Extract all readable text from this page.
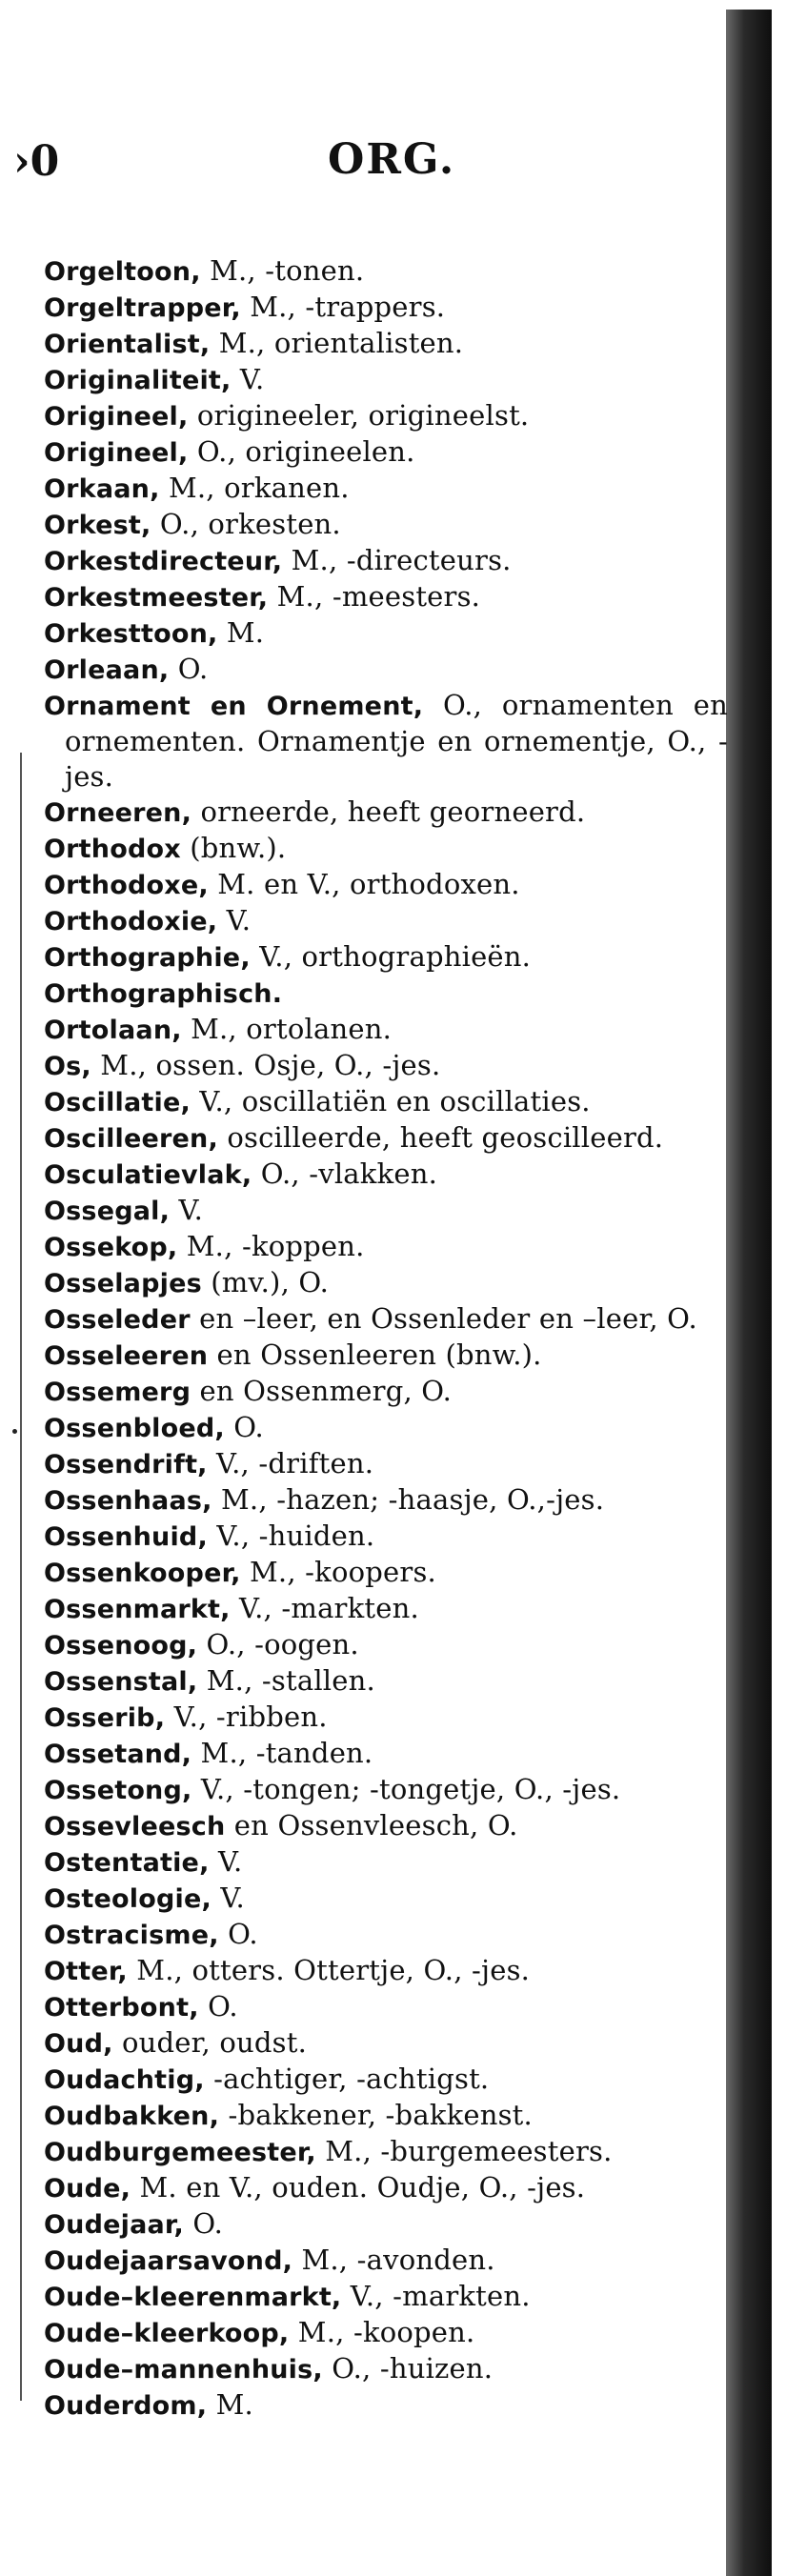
›0	ORG.
Orgeltoon, M., -tonen.
Orgeltrapper, M., -trappers.
Orientalist, M., orientalisten.
Originaliteit, V.
Origineel, origineeler, origineelst.
Origineel, O., origineelen.
Orkaan, M., orkanen.
Orkest, O., orkesten.
Orkestdirecteur, M., -directeurs.
Orkestmeester, M., -meesters.
Orkesttoon, M.
Orleaan, O.
Ornament en Ornement, O., ornamenten en ornementen. Ornamentje en ornementje, O., -jes.
Orneeren, orneerde, heeft georneerd.
Orthodox (bnw.).
Orthodoxe, M. en V., orthodoxen.
Orthodoxie, V.
Orthographie, V., orthographieën.
Orthographisch.
Ortolaan, M., ortolanen.
Os, M., ossen. Osje, O., -jes.
Oscillatie, V., oscillatiën en oscillaties.
Oscilleeren, oscilleerde, heeft geoscilleerd.
Osculatievlak, O., -vlakken.
Ossegal, V.
Ossekop, M., -koppen.
Osselapjes (mv.), O.
Osseleder en –leer, en Ossenleder en –leer, O.
Osseleeren en Ossenleeren (bnw.).
Ossemerg en Ossenmerg, O.
Ossenbloed, O.
Ossendrift, V., -driften.
Ossenhaas, M., -hazen; -haasje, O.,-jes.
Ossenhuid, V., -huiden.
Ossenkooper, M., -koopers.
Ossenmarkt, V., -markten.
Ossenoog, O., -oogen.
Ossenstal, M., -stallen.
Osserib, V., -ribben.
Ossetand, M., -tanden.
Ossetong, V., -tongen; -tongetje, O., -jes.
Ossevleesch en Ossenvleesch, O.
Ostentatie, V.
Osteologie, V.
Ostracisme, O.
Otter, M., otters. Ottertje, O., -jes.
Otterbont, O.
Oud, ouder, oudst.
Oudachtig, -achtiger, -achtigst.
Oudbakken, -bakkener, -bakkenst.
Oudburgemeester, M., -burgemeesters.
Oude, M. en V., ouden. Oudje, O., -jes.
Oudejaar, O.
Oudejaarsavond, M., -avonden.
Oude–kleerenmarkt, V., -markten.
Oude–kleerkoop, M., -koopen.
Oude–mannenhuis, O., -huizen.
Ouderdom, M.
